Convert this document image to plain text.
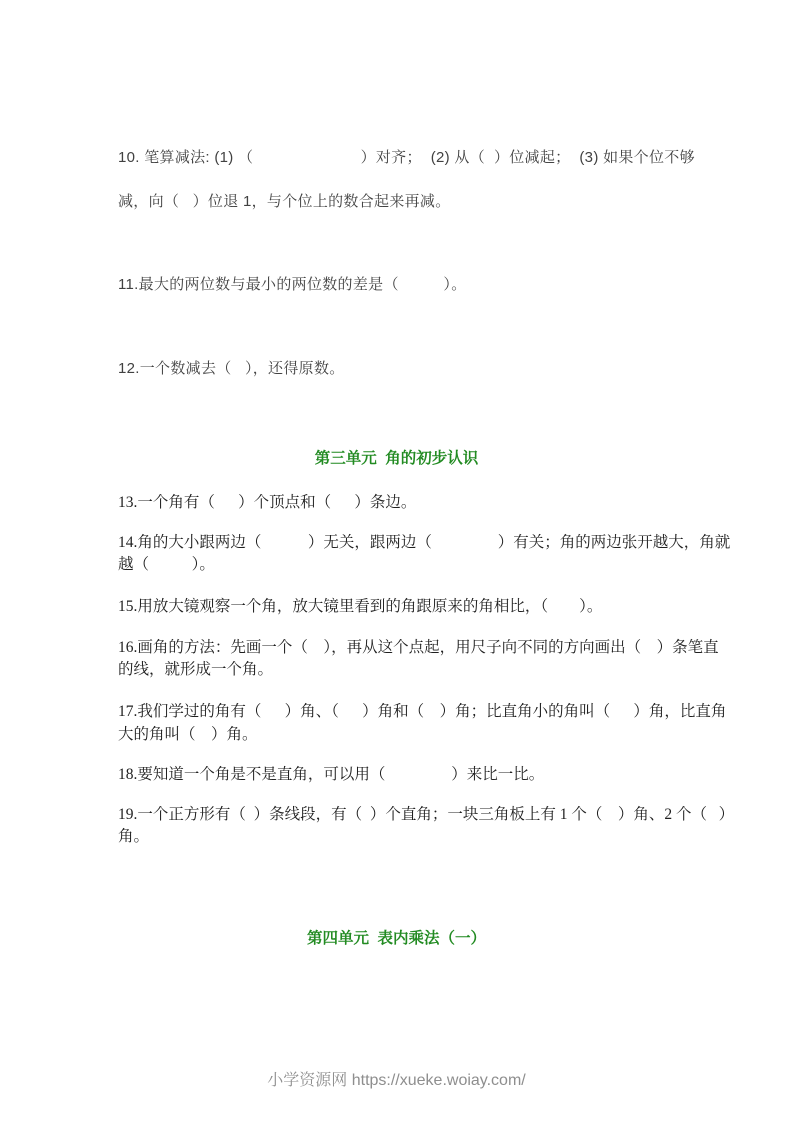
10. 笔算减法: (1) （                        ）对齐；  (2) 从（  ）位减起；  (3) 如果个位不够
减，向（   ）位退 1，与个位上的数合起来再减。
11.最大的两位数与最小的两位数的差是（          ）。
12.一个数减去（   ），还得原数。
第三单元  角的初步认识
13.一个角有（      ）个顶点和（      ）条边。
14.角的大小跟两边（            ）无关，跟两边（                 ）有关；角的两边张开越大，角就
越（           ）。
15.用放大镜观察一个角，放大镜里看到的角跟原来的角相比，（        ）。
16.画角的方法：先画一个（    ），再从这个点起，用尺子向不同的方向画出（    ）条笔直
的线，就形成一个角。
17.我们学过的角有（      ）角、（      ）角和（    ）角；比直角小的角叫（      ）角，比直角
大的角叫（    ）角。
18.要知道一个角是不是直角，可以用（                 ）来比一比。
19.一个正方形有（  ）条线段，有（  ）个直角；一块三角板上有 1 个（    ）角、2 个（   ）
角。
第四单元  表内乘法（一）
小学资源网 https://xueke.woiay.com/
